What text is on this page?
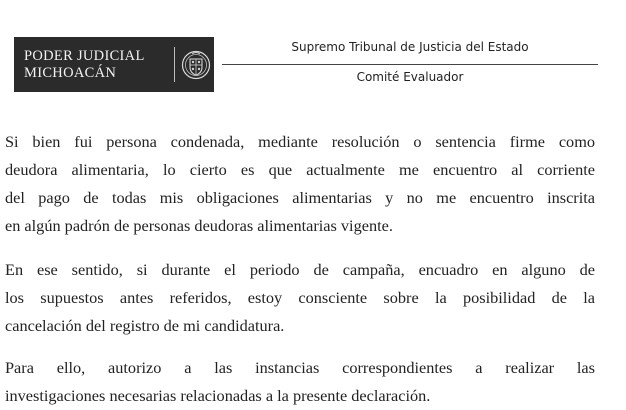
PODER JUDICIAL
MICHOACÁN
Supremo Tribunal de Justicia del Estado
Comité Evaluador
Si bien fui persona condenada, mediante resolución o sentencia firme como
deudora alimentaria, lo cierto es que actualmente me encuentro al corriente
del pago de todas mis obligaciones alimentarias y no me encuentro inscrita
en algún padrón de personas deudoras alimentarias vigente.
En ese sentido, si durante el periodo de campaña, encuadro en alguno de
los supuestos antes referidos, estoy consciente sobre la posibilidad de la
cancelación del registro de mi candidatura.
Para ello, autorizo a las instancias correspondientes a realizar las
investigaciones necesarias relacionadas a la presente declaración.
